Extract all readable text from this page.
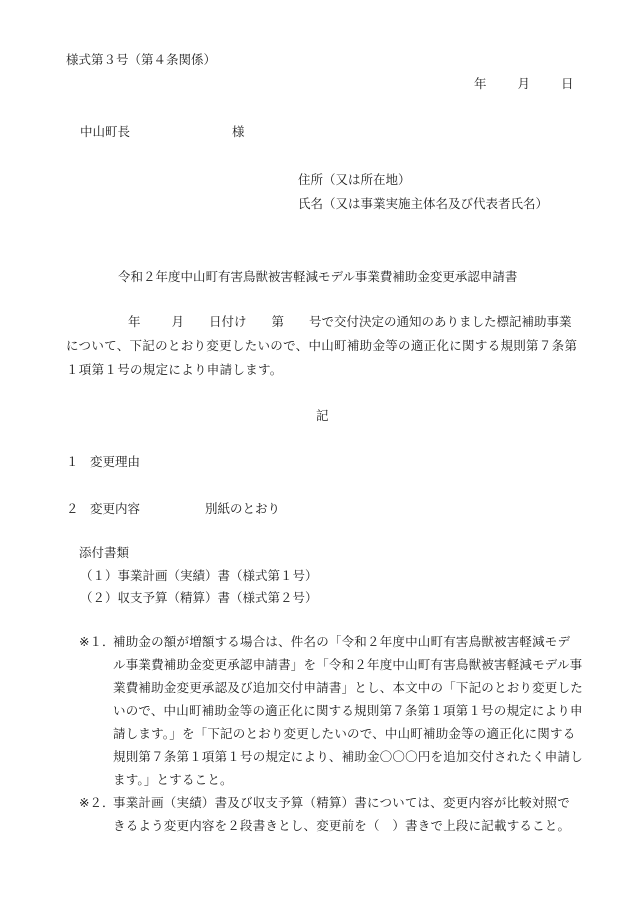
様式第３号（第４条関係）
年 月 日
中山町長	様
住所（又は所在地）
氏名（又は事業実施主体名及び代表者氏名）
令和２年度中山町有害鳥獣被害軽減モデル事業費補助金変更承認申請書
年 月 日付け 第 号で交付決定の通知のありました標記補助事業
について、下記のとおり変更したいので、中山町補助金等の適正化に関する規則第７条第
１項第１号の規定により申請します。
記
１ 変更理由
２ 変更内容	別紙のとおり
添付書類
（１）事業計画（実績）書（様式第１号）
（２）収支予算（精算）書（様式第２号）
※１．
補助金の額が増額する場合は、件名の「令和２年度中山町有害鳥獣被害軽減モデ
ル事業費補助金変更承認申請書」を「令和２年度中山町有害鳥獣被害軽減モデル事
業費補助金変更承認及び追加交付申請書」とし、本文中の「下記のとおり変更した
いので、中山町補助金等の適正化に関する規則第７条第１項第１号の規定により申
請します。」を「下記のとおり変更したいので、中山町補助金等の適正化に関する
規則第７条第１項第１号の規定により、補助金〇〇〇円を追加交付されたく申請し
ます。」とすること。
※２．
事業計画（実績）書及び収支予算（精算）書については、変更内容が比較対照で
きるよう変更内容を２段書きとし、変更前を（　）書きで上段に記載すること。
